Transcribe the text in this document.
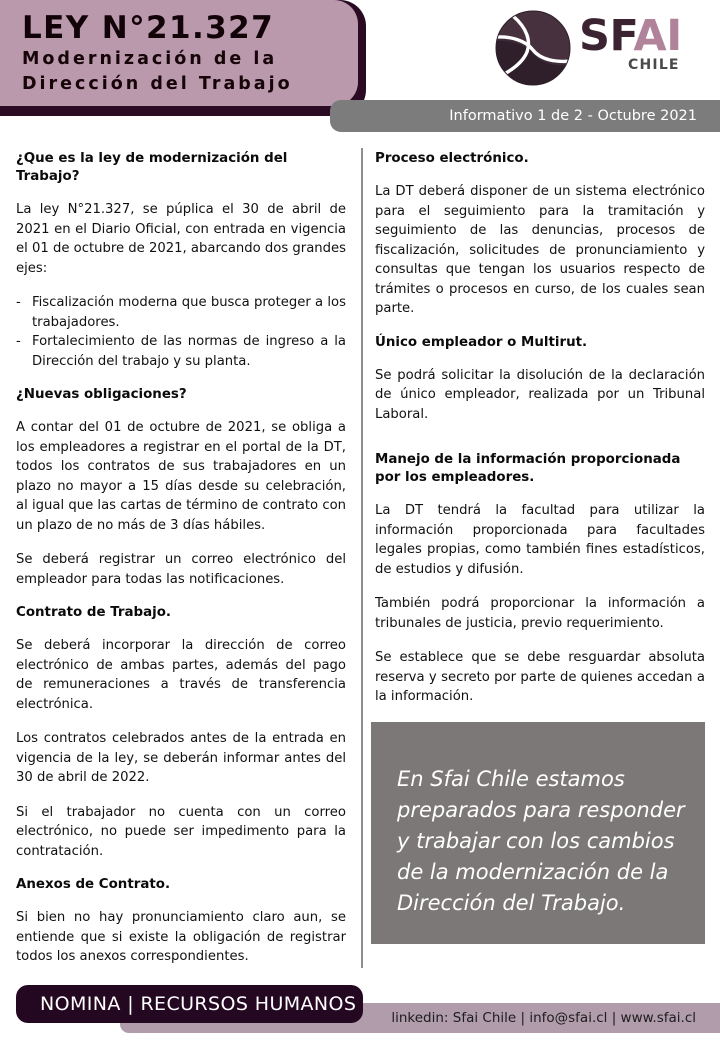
LEY N°21.327
Modernización de la
Dirección del Trabajo
Informativo 1 de 2 - Octubre 2021
SFAI
CHILE
¿Que es la ley de modernización del Trabajo?
La ley N°21.327, se púplica el 30 de abril de 2021 en el Diario Oficial, con entrada en vigencia el 01 de octubre de 2021, abarcando dos grandes ejes:
- Fiscalización moderna que busca proteger a los trabajadores.
- Fortalecimiento de las normas de ingreso a la Dirección del trabajo y su planta.
¿Nuevas obligaciones?
A contar del 01 de octubre de 2021, se obliga a los empleadores a registrar en el portal de la DT, todos los contratos de sus trabajadores en un plazo no mayor a 15 días desde su celebración, al igual que las cartas de término de contrato con un plazo de no más de 3 días hábiles.
Se deberá registrar un correo electrónico del empleador para todas las notificaciones.
Contrato de Trabajo.
Se deberá incorporar la dirección de correo electrónico de ambas partes, además del pago de remuneraciones a través de transferencia electrónica.
Los contratos celebrados antes de la entrada en vigencia de la ley, se deberán informar antes del 30 de abril de 2022.
Si el trabajador no cuenta con un correo electrónico, no puede ser impedimento para la contratación.
Anexos de Contrato.
Si bien no hay pronunciamiento claro aun, se entiende que si existe la obligación de registrar todos los anexos correspondientes.
Proceso electrónico.
La DT deberá disponer de un sistema electrónico para el seguimiento para la tramitación y seguimiento de las denuncias, procesos de fiscalización, solicitudes de pronunciamiento y consultas que tengan los usuarios respecto de trámites o procesos en curso, de los cuales sean parte.
Único empleador o Multirut.
Se podrá solicitar la disolución de la declaración de único empleador, realizada por un Tribunal Laboral.
Manejo de la información proporcionada por los empleadores.
La DT tendrá la facultad para utilizar la información proporcionada para facultades legales propias, como también fines estadísticos, de estudios y difusión.
También podrá proporcionar la información a tribunales de justicia, previo requerimiento.
Se establece que se debe resguardar absoluta reserva y secreto por parte de quienes accedan a la información.
En Sfai Chile estamos preparados para responder y trabajar con los cambios de la modernización de la Dirección del Trabajo.
linkedin: Sfai Chile | info@sfai.cl | www.sfai.cl
NOMINA | RECURSOS HUMANOS
